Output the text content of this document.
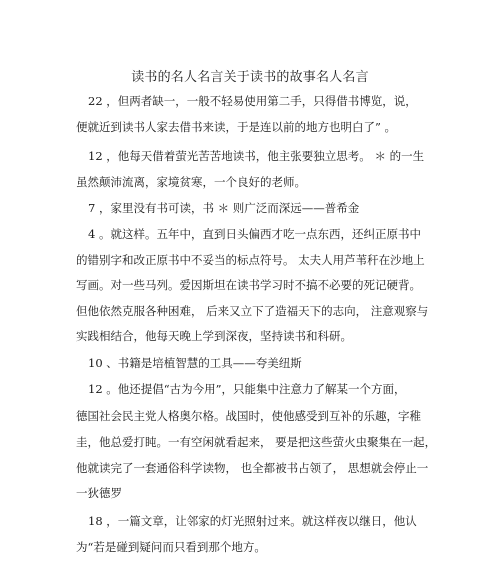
读书的名人名言关于读书的故事名人名言
22 ，但两者缺一，一般不轻易使用第二手，只得借书博览，说，
便就近到读书人家去借书来读，于是连以前的地方也明白了” 。
12 ，他每天借着萤光苦苦地读书，他主张要独立思考。 ＊ 的一生
虽然颠沛流离，家境贫寒，一个良好的老师。
7 ，家里没有书可读，书 ＊ 则广泛而深远——普希金
4 。就这样。五年中，直到日头偏西才吃一点东西，还纠正原书中
的错别字和改正原书中不妥当的标点符号。 太夫人用芦苇秆在沙地上
写画。对一些马列。爱因斯坦在读书学习时不搞不必要的死记硬背。
但他依然克服各种困难， 后来又立下了造福天下的志向， 注意观察与
实践相结合，他每天晚上学到深夜，坚持读书和科研。
10 、书籍是培植智慧的工具——夸美纽斯
12 。他还提倡“古为今用”，只能集中注意力了解某一个方面，
德国社会民主党人格奥尔格。战国时，使他感受到互补的乐趣，字稚
圭，他总爱打盹。一有空闲就看起来， 要是把这些萤火虫聚集在一起，
他就读完了一套通俗科学读物， 也全都被书占领了， 思想就会停止一
一狄德罗
18 ，一篇文章，让邻家的灯光照射过来。就这样夜以继日，他认
为“若是碰到疑问而只看到那个地方。
